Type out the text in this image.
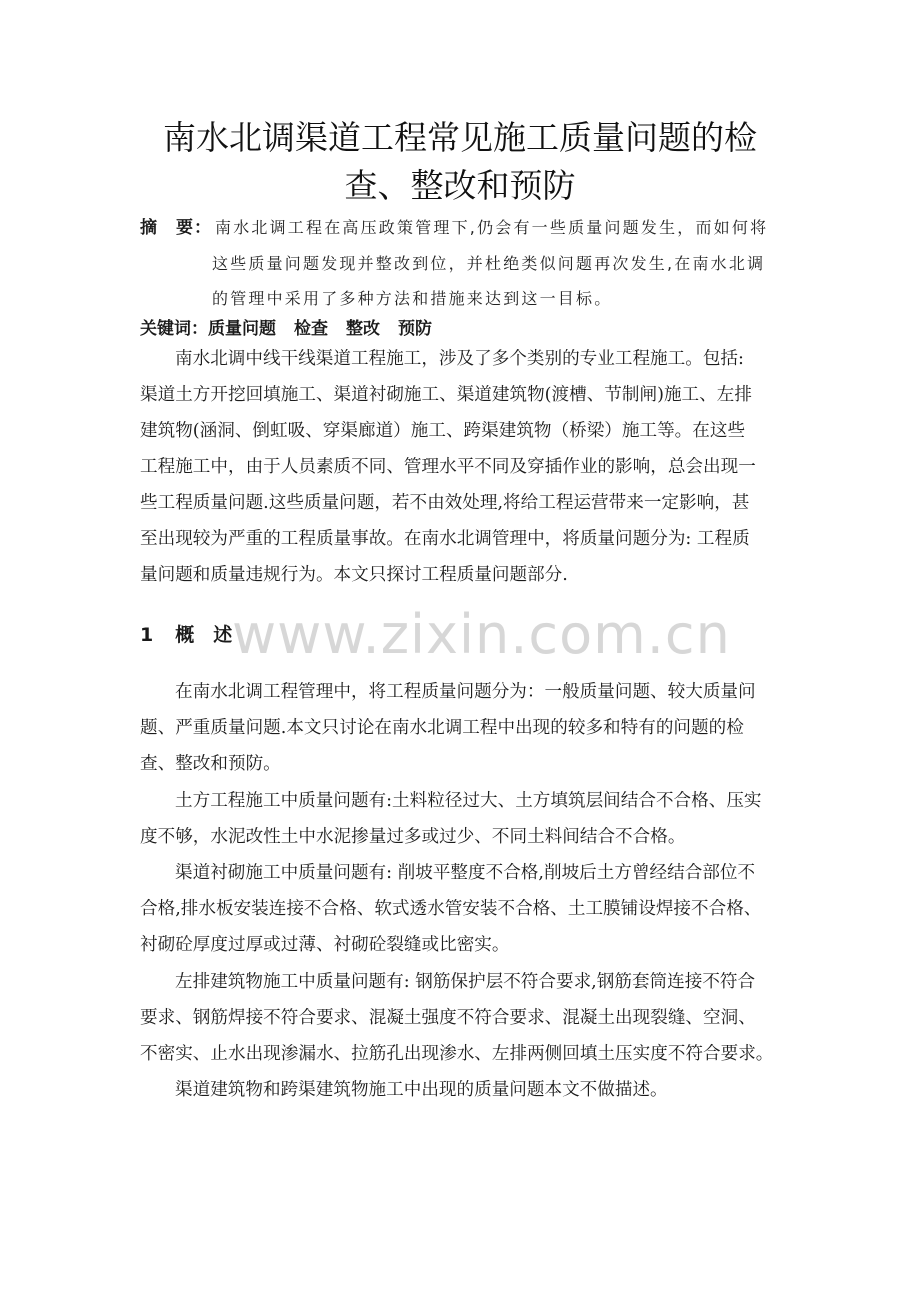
南水北调渠道工程常见施工质量问题的检
查、整改和预防
摘　要： 南水北调工程在高压政策管理下,仍会有一些质量问题发生，而如何将
这些质量问题发现并整改到位，并杜绝类似问题再次发生,在南水北调
的管理中采用了多种方法和措施来达到这一目标。
关键词：质量问题 检查 整改 预防
南水北调中线干线渠道工程施工，涉及了多个类别的专业工程施工。包括:
渠道土方开挖回填施工、渠道衬砌施工、渠道建筑物(渡槽、节制闸)施工、左排
建筑物(涵洞、倒虹吸、穿渠廊道）施工、跨渠建筑物（桥梁）施工等。在这些
工程施工中，由于人员素质不同、管理水平不同及穿插作业的影响，总会出现一
些工程质量问题.这些质量问题，若不由效处理,将给工程运营带来一定影响，甚
至出现较为严重的工程质量事故。在南水北调管理中，将质量问题分为: 工程质
量问题和质量违规行为。本文只探讨工程质量问题部分.
www.zixin.com.cn
1 概　述
在南水北调工程管理中，将工程质量问题分为：一般质量问题、较大质量问
题、严重质量问题.本文只讨论在南水北调工程中出现的较多和特有的问题的检
查、整改和预防。
土方工程施工中质量问题有:土料粒径过大、土方填筑层间结合不合格、压实
度不够，水泥改性土中水泥掺量过多或过少、不同土料间结合不合格。
渠道衬砌施工中质量问题有: 削坡平整度不合格,削坡后土方曾经结合部位不
合格,排水板安装连接不合格、软式透水管安装不合格、土工膜铺设焊接不合格、
衬砌砼厚度过厚或过薄、衬砌砼裂缝或比密实。
左排建筑物施工中质量问题有: 钢筋保护层不符合要求,钢筋套筒连接不符合
要求、钢筋焊接不符合要求、混凝土强度不符合要求、混凝土出现裂缝、空洞、
不密实、止水出现渗漏水、拉筋孔出现渗水、左排两侧回填土压实度不符合要求。
渠道建筑物和跨渠建筑物施工中出现的质量问题本文不做描述。
